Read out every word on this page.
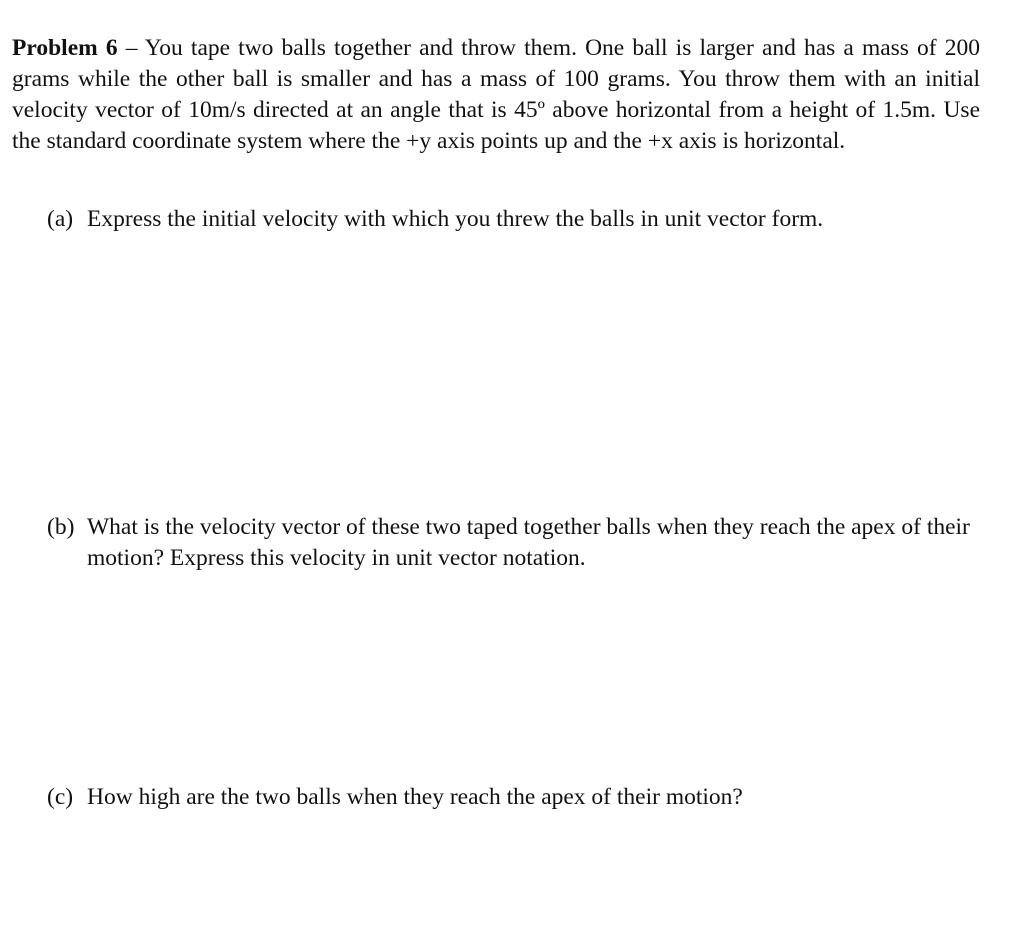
Problem 6 – You tape two balls together and throw them. One ball is larger and has a mass of 200 grams while the other ball is smaller and has a mass of 100 grams. You throw them with an initial velocity vector of 10m/s directed at an angle that is 45º above horizontal from a height of 1.5m. Use the standard coordinate system where the +y axis points up and the +x axis is horizontal.
(a) Express the initial velocity with which you threw the balls in unit vector form.
(b) What is the velocity vector of these two taped together balls when they reach the apex of their motion? Express this velocity in unit vector notation.
(c) How high are the two balls when they reach the apex of their motion?
